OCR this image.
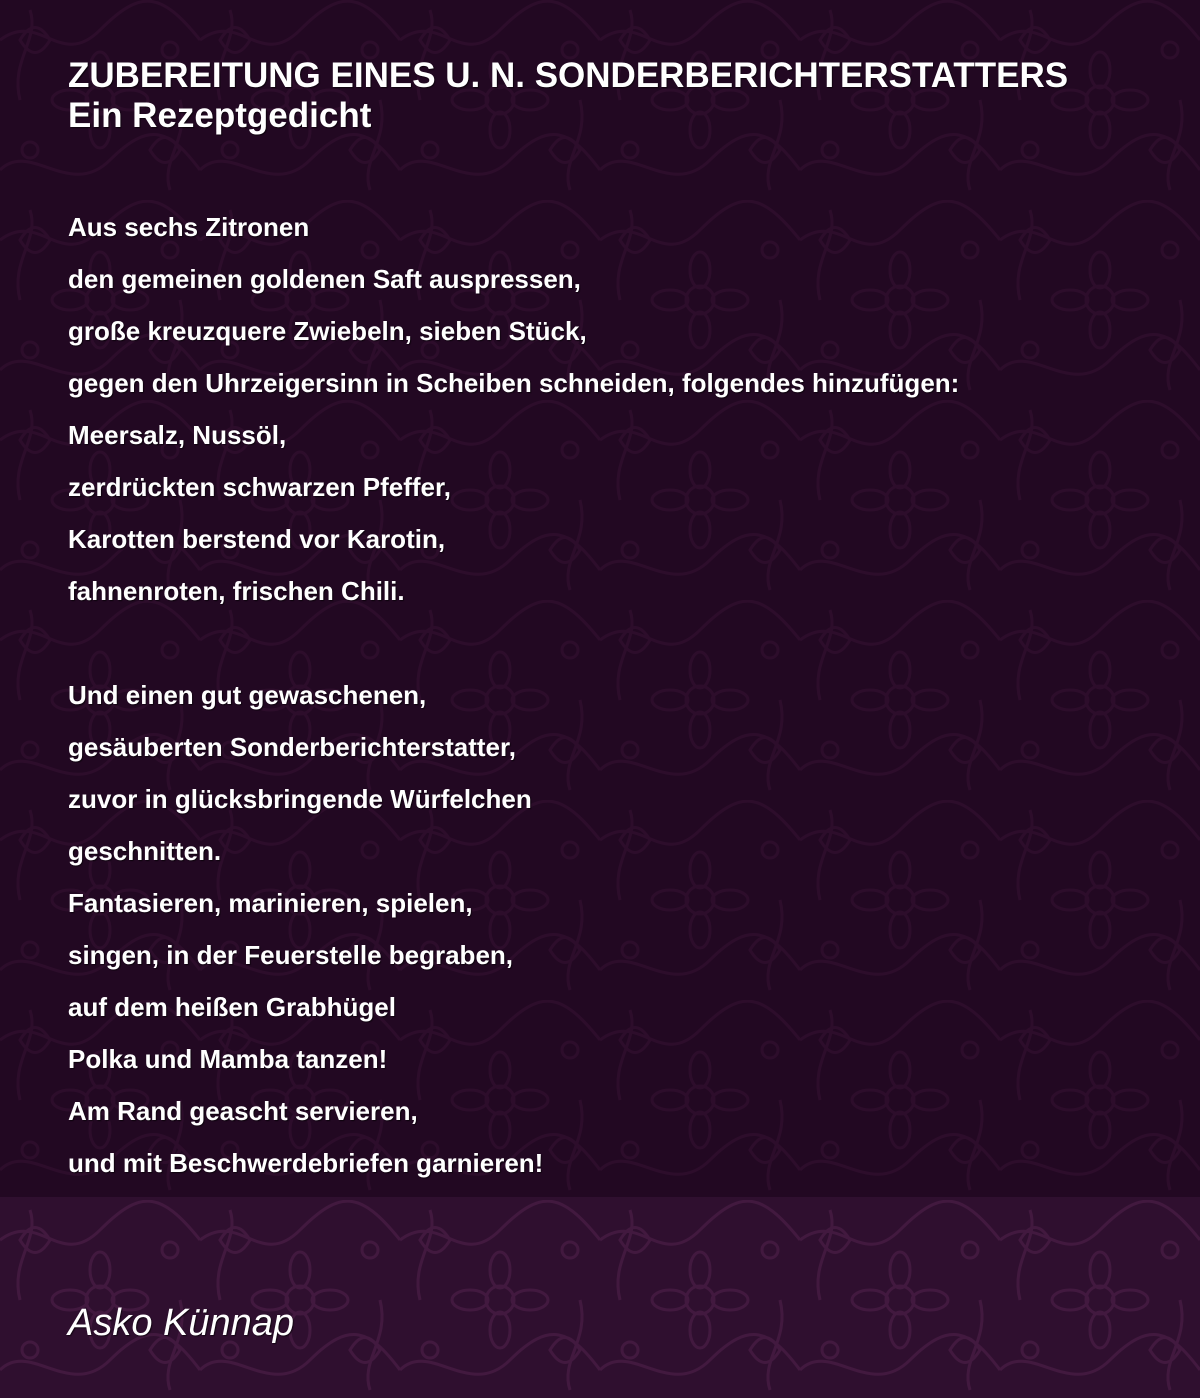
ZUBEREITUNG EINES U. N. SONDERBERICHTERSTATTERS
Ein Rezeptgedicht
Aus sechs Zitronen
den gemeinen goldenen Saft auspressen,
große kreuzquere Zwiebeln, sieben Stück,
gegen den Uhrzeigersinn in Scheiben schneiden, folgendes hinzufügen:
Meersalz, Nussöl,
zerdrückten schwarzen Pfeffer,
Karotten berstend vor Karotin,
fahnenroten, frischen Chili.
Und einen gut gewaschenen,
gesäuberten Sonderberichterstatter,
zuvor in glücksbringende Würfelchen
geschnitten.
Fantasieren, marinieren, spielen,
singen, in der Feuerstelle begraben,
auf dem heißen Grabhügel
Polka und Mamba tanzen!
Am Rand geascht servieren,
und mit Beschwerdebriefen garnieren!

Asko Künnap
